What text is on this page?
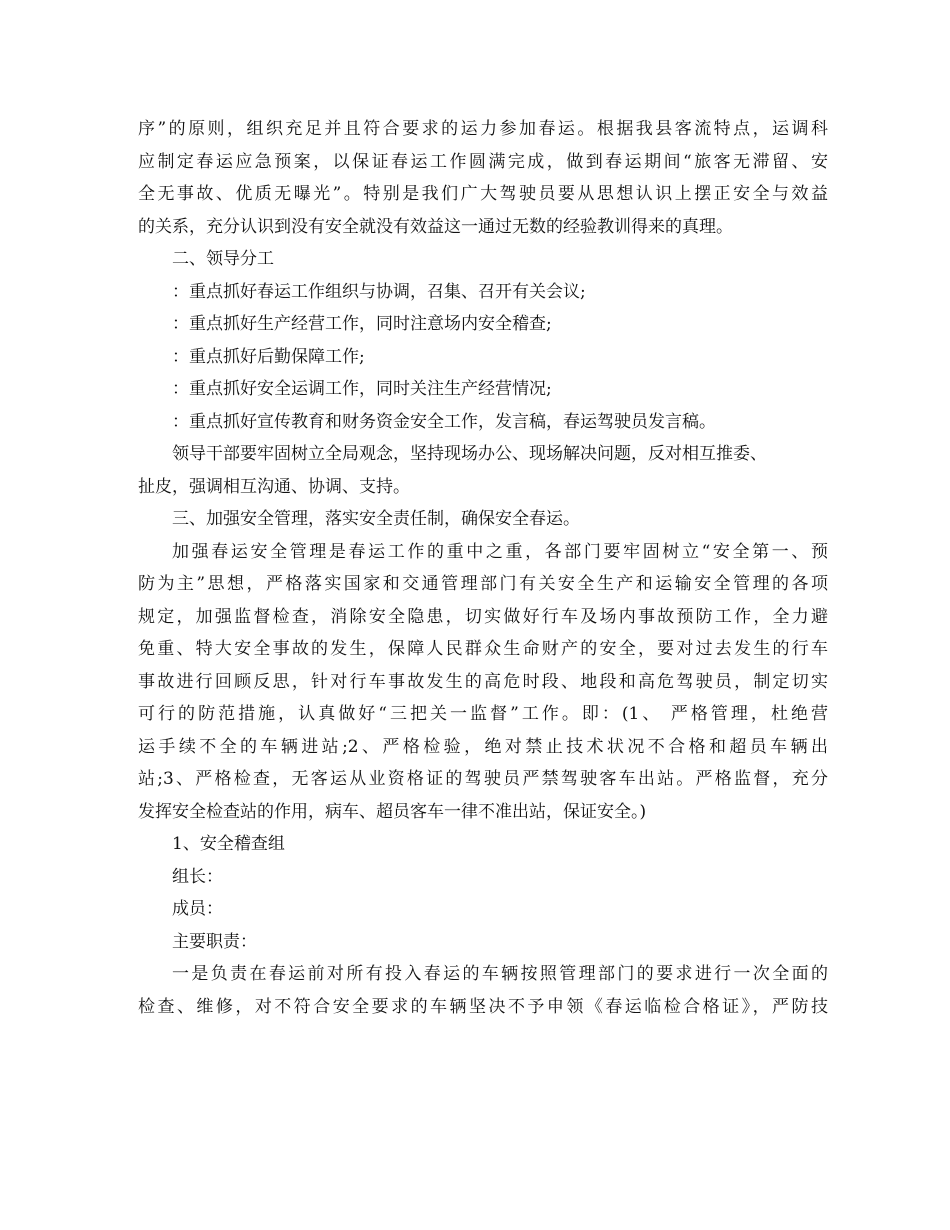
序”的原则，组织充足并且符合要求的运力参加春运。根据我县客流特点，运调科
应制定春运应急预案，以保证春运工作圆满完成，做到春运期间“旅客无滞留、安
全无事故、优质无曝光”。特别是我们广大驾驶员要从思想认识上摆正安全与效益
的关系，充分认识到没有安全就没有效益这一通过无数的经验教训得来的真理。
二、领导分工
：重点抓好春运工作组织与协调，召集、召开有关会议;
：重点抓好生产经营工作，同时注意场内安全稽查;
：重点抓好后勤保障工作;
：重点抓好安全运调工作，同时关注生产经营情况;
：重点抓好宣传教育和财务资金安全工作，发言稿，春运驾驶员发言稿。
领导干部要牢固树立全局观念，坚持现场办公、现场解决问题，反对相互推委、
扯皮，强调相互沟通、协调、支持。
三、加强安全管理，落实安全责任制，确保安全春运。
加强春运安全管理是春运工作的重中之重，各部门要牢固树立“安全第一、预
防为主”思想，严格落实国家和交通管理部门有关安全生产和运输安全管理的各项
规定，加强监督检查，消除安全隐患，切实做好行车及场内事故预防工作，全力避
免重、特大安全事故的发生，保障人民群众生命财产的安全，要对过去发生的行车
事故进行回顾反思，针对行车事故发生的高危时段、地段和高危驾驶员，制定切实
可行的防范措施，认真做好“三把关一监督”工作。即：(1、 严格管理，杜绝营
运手续不全的车辆进站;2、严格检验，绝对禁止技术状况不合格和超员车辆出
站;3、严格检查，无客运从业资格证的驾驶员严禁驾驶客车出站。严格监督，充分
发挥安全检查站的作用，病车、超员客车一律不准出站，保证安全。)
1、安全稽查组
组长：
成员：
主要职责：
一是负责在春运前对所有投入春运的车辆按照管理部门的要求进行一次全面的
检查、维修，对不符合安全要求的车辆坚决不予申领《春运临检合格证》，严防技
